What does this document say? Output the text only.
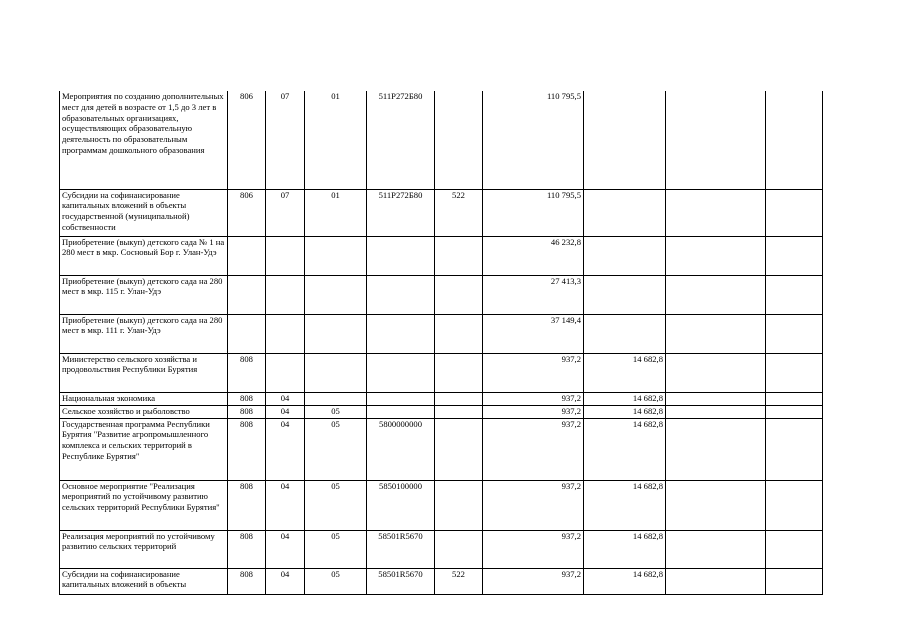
Мероприятия по созданию дополнительных мест для детей в возрасте от 1,5 до 3 лет в образовательных организациях, осуществляющих образовательную деятельность по образовательным программам дошкольного образования	806	07	01	511P272Б80		110 795,5			
Субсидии на софинансирование капитальных вложений в объекты государственной (муниципальной) собственности	806	07	01	511P272Б80	522	110 795,5			
Приобретение (выкуп) детского сада № 1 на 280 мест в мкр. Сосновый Бор г. Улан-Удэ						46 232,8			
Приобретение (выкуп) детского сада на 280 мест в мкр. 115 г. Улан-Удэ						27 413,3			
Приобретение (выкуп) детского сада на 280 мест в мкр. 111 г. Улан-Удэ						37 149,4			
Министерство сельского хозяйства и продовольствия Республики Бурятия	808					937,2	14 682,8		
Национальная экономика	808	04				937,2	14 682,8		
Сельское хозяйство и рыболовство	808	04	05			937,2	14 682,8		
Государственная программа Республики Бурятия "Развитие агропромышленного комплекса и сельских территорий в Республике Бурятия"	808	04	05	5800000000		937,2	14 682,8		
Основное мероприятие "Реализация мероприятий по устойчивому развитию сельских территорий Республики Бурятия"	808	04	05	5850100000		937,2	14 682,8		
Реализация мероприятий по устойчивому развитию сельских территорий	808	04	05	58501R5670		937,2	14 682,8		

Субсидии на софинансирование капитальных вложений в объекты	808	04	05	58501R5670	522	937,2	14 682,8		
